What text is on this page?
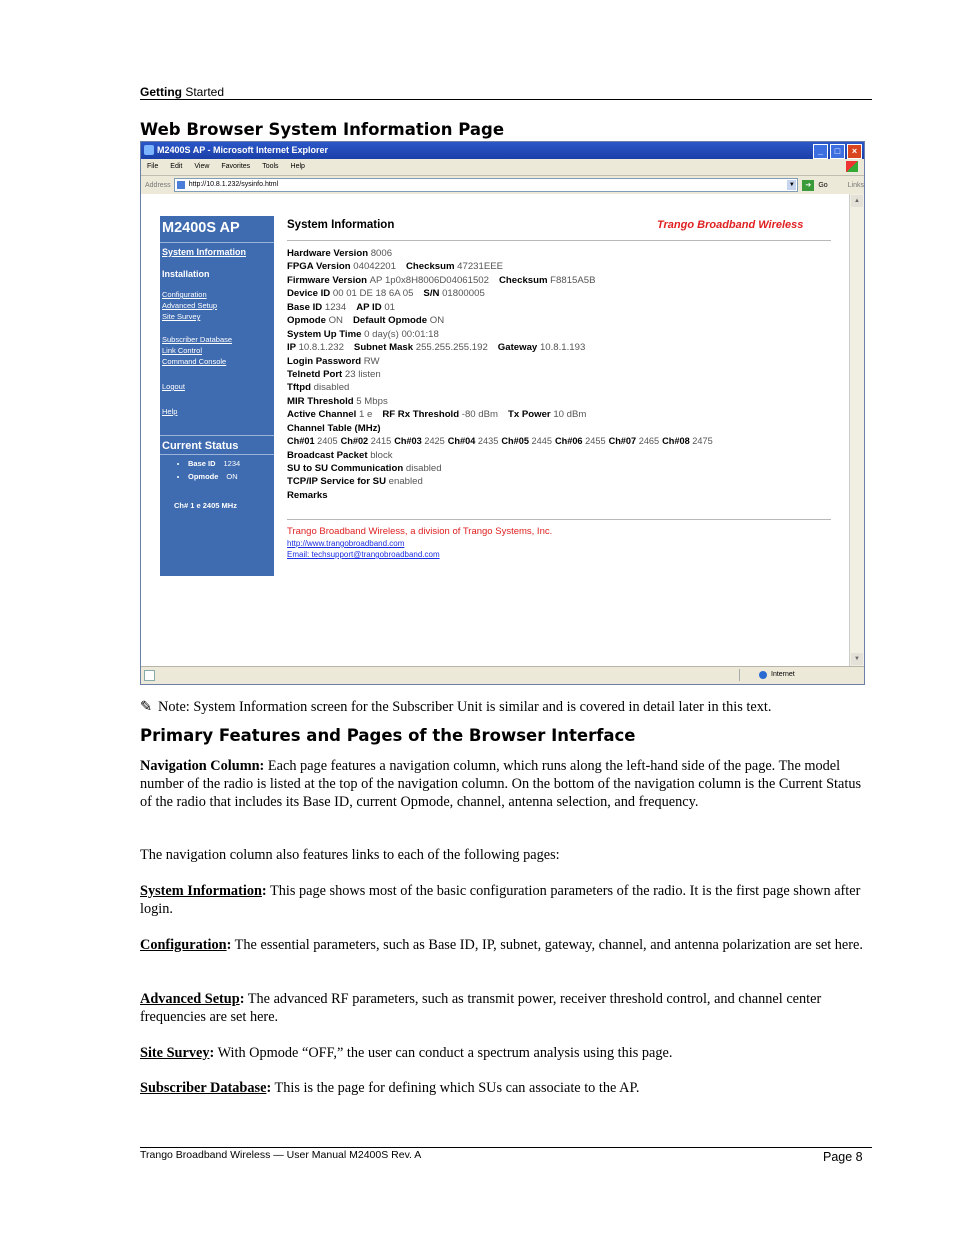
Getting Started
Web Browser System Information Page
M2400S AP - Microsoft Internet Explorer	_	□	×
File Edit View Favorites Tools Help
Address	http://10.8.1.232/sysinfo.html	▼	➔	Go	Links
M2400S AP
System Information
Installation
Configuration
Advanced Setup
Site Survey
Subscriber Database
Link Control
Command Console
Logout
Help
Current Status
• Base ID 1234
• Opmode ON
Ch# 1 e 2405 MHz
System Information	Trango Broadband Wireless
Hardware Version 8006
FPGA Version 04042201 Checksum 47231EEE
Firmware Version AP 1p0x8H8006D04061502 Checksum F8815A5B
Device ID 00 01 DE 18 6A 05 S/N 01800005
Base ID 1234 AP ID 01
Opmode ON Default Opmode ON
System Up Time 0 day(s) 00:01:18
IP 10.8.1.232 Subnet Mask 255.255.255.192 Gateway 10.8.1.193
Login Password RW
Telnetd Port 23 listen
Tftpd disabled
MIR Threshold 5 Mbps
Active Channel 1 e RF Rx Threshold -80 dBm Tx Power 10 dBm
Channel Table (MHz)
Ch#01 2405 Ch#02 2415 Ch#03 2425 Ch#04 2435 Ch#05 2445 Ch#06 2455 Ch#07 2465 Ch#08 2475
Broadcast Packet block
SU to SU Communication disabled
TCP/IP Service for SU enabled
Remarks
Trango Broadband Wireless, a division of Trango Systems, Inc.
http://www.trangobroadband.com
Email: techsupport@trangobroadband.com
▲
▼
Internet

✎ Note: System Information screen for the Subscriber Unit is similar and is covered in detail later in this text.

Primary Features and Pages of the Browser Interface

Navigation Column: Each page features a navigation column, which runs along the left-hand side of the page. The model number of the radio is listed at the top of the navigation column. On the bottom of the navigation column is the Current Status of the radio that includes its Base ID, current Opmode, channel, antenna selection, and frequency.

The navigation column also features links to each of the following pages:

System Information: This page shows most of the basic configuration parameters of the radio. It is the first page shown after login.

Configuration: The essential parameters, such as Base ID, IP, subnet, gateway, channel, and antenna polarization are set here.

Advanced Setup: The advanced RF parameters, such as transmit power, receiver threshold control, and channel center frequencies are set here.

Site Survey: With Opmode “OFF,” the user can conduct a spectrum analysis using this page.

Subscriber Database: This is the page for defining which SUs can associate to the AP.

Trango Broadband Wireless — User Manual M2400S Rev. A	Page 8
